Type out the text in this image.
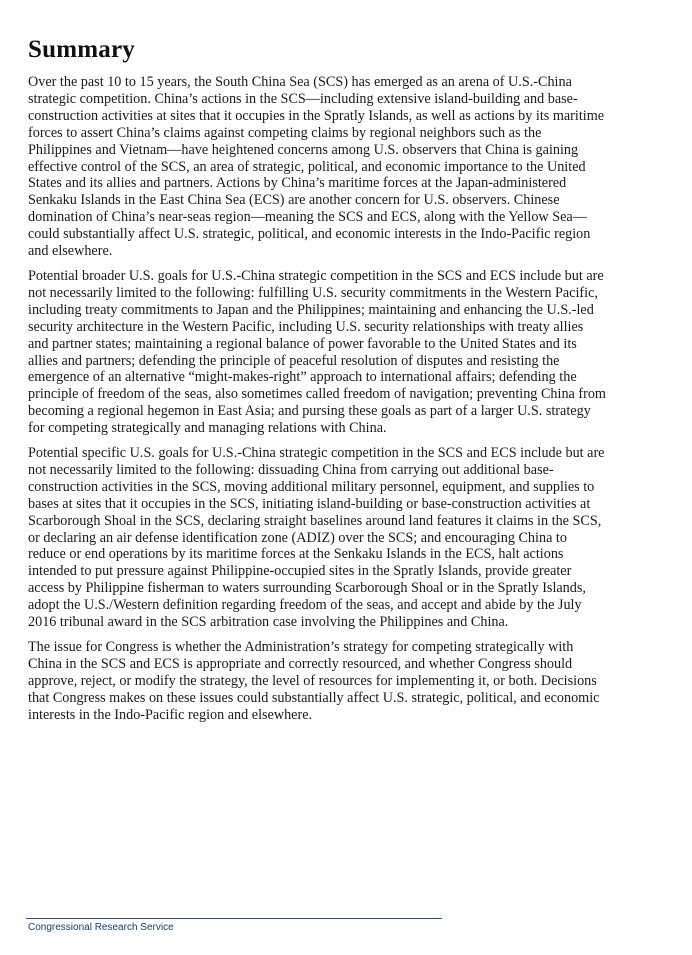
Summary

Over the past 10 to 15 years, the South China Sea (SCS) has emerged as an arena of U.S.-China strategic competition. China’s actions in the SCS—including extensive island-building and base-construction activities at sites that it occupies in the Spratly Islands, as well as actions by its maritime forces to assert China’s claims against competing claims by regional neighbors such as the Philippines and Vietnam—have heightened concerns among U.S. observers that China is gaining effective control of the SCS, an area of strategic, political, and economic importance to the United States and its allies and partners. Actions by China’s maritime forces at the Japan-administered Senkaku Islands in the East China Sea (ECS) are another concern for U.S. observers. Chinese domination of China’s near-seas region—meaning the SCS and ECS, along with the Yellow Sea—could substantially affect U.S. strategic, political, and economic interests in the Indo-Pacific region and elsewhere.

Potential broader U.S. goals for U.S.-China strategic competition in the SCS and ECS include but are not necessarily limited to the following: fulfilling U.S. security commitments in the Western Pacific, including treaty commitments to Japan and the Philippines; maintaining and enhancing the U.S.-led security architecture in the Western Pacific, including U.S. security relationships with treaty allies and partner states; maintaining a regional balance of power favorable to the United States and its allies and partners; defending the principle of peaceful resolution of disputes and resisting the emergence of an alternative “might-makes-right” approach to international affairs; defending the principle of freedom of the seas, also sometimes called freedom of navigation; preventing China from becoming a regional hegemon in East Asia; and pursing these goals as part of a larger U.S. strategy for competing strategically and managing relations with China.

Potential specific U.S. goals for U.S.-China strategic competition in the SCS and ECS include but are not necessarily limited to the following: dissuading China from carrying out additional base-construction activities in the SCS, moving additional military personnel, equipment, and supplies to bases at sites that it occupies in the SCS, initiating island-building or base-construction activities at Scarborough Shoal in the SCS, declaring straight baselines around land features it claims in the SCS, or declaring an air defense identification zone (ADIZ) over the SCS; and encouraging China to reduce or end operations by its maritime forces at the Senkaku Islands in the ECS, halt actions intended to put pressure against Philippine-occupied sites in the Spratly Islands, provide greater access by Philippine fisherman to waters surrounding Scarborough Shoal or in the Spratly Islands, adopt the U.S./Western definition regarding freedom of the seas, and accept and abide by the July 2016 tribunal award in the SCS arbitration case involving the Philippines and China.

The issue for Congress is whether the Administration’s strategy for competing strategically with China in the SCS and ECS is appropriate and correctly resourced, and whether Congress should approve, reject, or modify the strategy, the level of resources for implementing it, or both. Decisions that Congress makes on these issues could substantially affect U.S. strategic, political, and economic interests in the Indo-Pacific region and elsewhere.

Congressional Research Service
